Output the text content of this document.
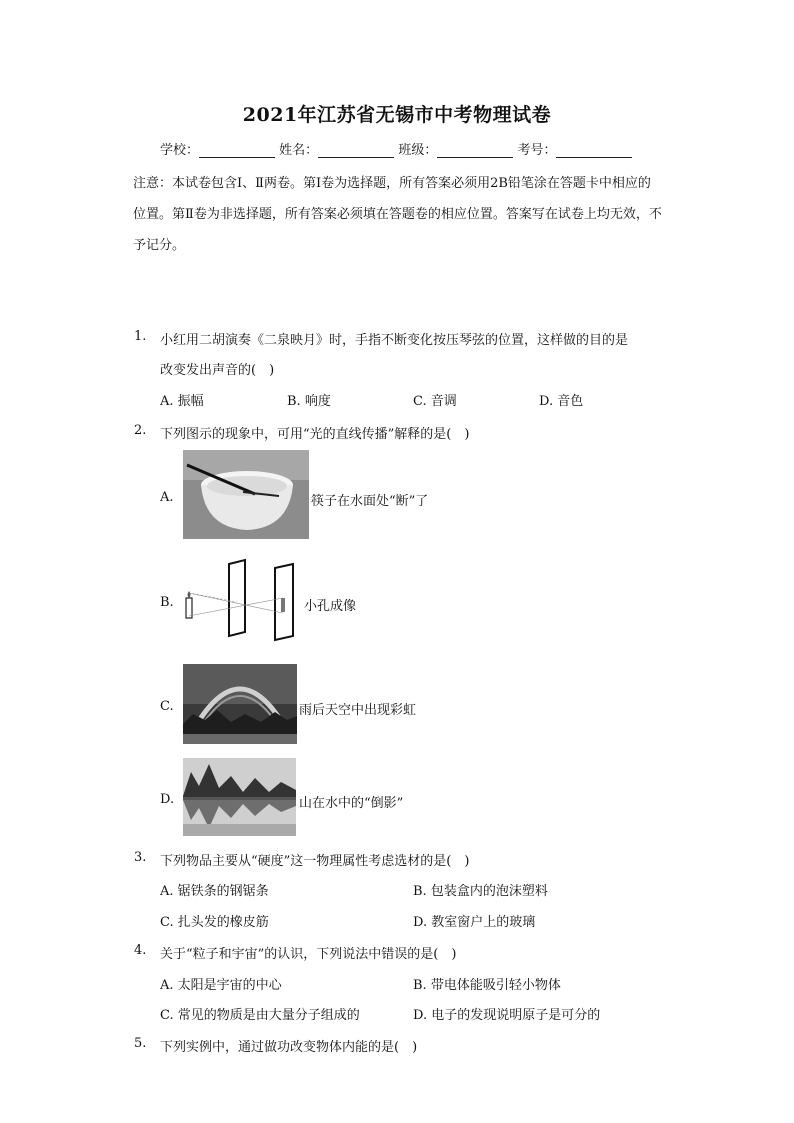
2021年江苏省无锡市中考物理试卷
学校：	姓名：	班级：	考号：
注意：本试卷包含Ⅰ、Ⅱ两卷。第Ⅰ卷为选择题，所有答案必须用2B铅笔涂在答题卡中相应的位置。第Ⅱ卷为非选择题，所有答案必须填在答题卷的相应位置。答案写在试卷上均无效，不予记分。
1. 小红用二胡演奏《二泉映月》时，手指不断变化按压琴弦的位置，这样做的目的是
改变发出声音的(　)
A. 振幅	B. 响度	C. 音调	D. 音色
2. 下列图示的现象中，可用“光的直线传播”解释的是(　)
A.	筷子在水面处“断”了
B.	小孔成像
C.	雨后天空中出现彩虹
D.	山在水中的“倒影”
3. 下列物品主要从“硬度”这一物理属性考虑选材的是(　)
A. 锯铁条的钢锯条	B. 包装盒内的泡沫塑料
C. 扎头发的橡皮筋	D. 教室窗户上的玻璃
4. 关于“粒子和宇宙”的认识，下列说法中错误的是(　)
A. 太阳是宇宙的中心	B. 带电体能吸引轻小物体
C. 常见的物质是由大量分子组成的	D. 电子的发现说明原子是可分的
5. 下列实例中，通过做功改变物体内能的是(　)
